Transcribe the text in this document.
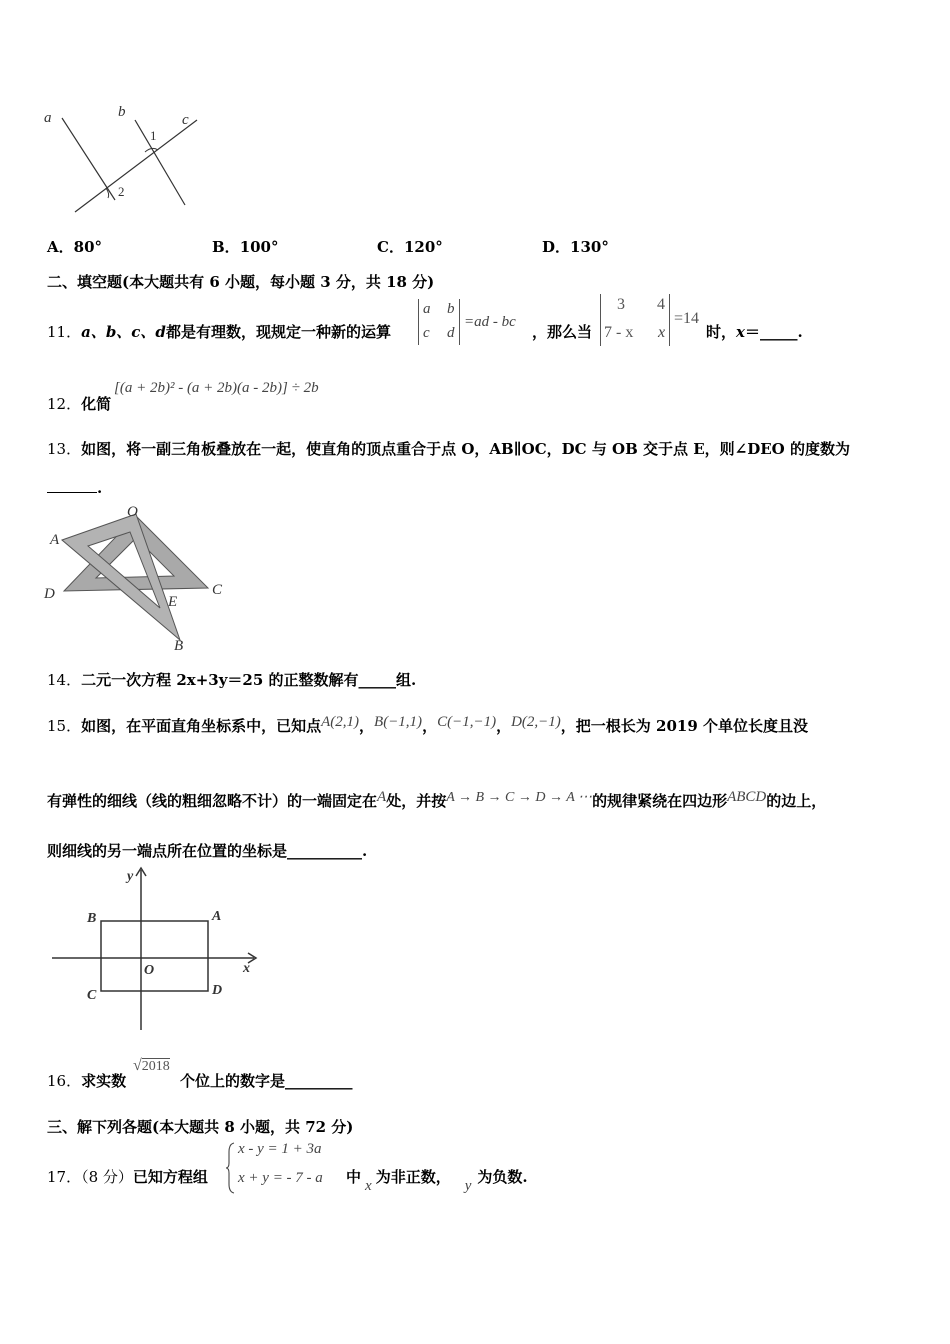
a	b	c
1
2
A．80°	B．100°	C．120°	D．130°
二、填空题(本大题共有 6 小题，每小题 3 分，共 18 分)
11．a、b、c、d都是有理数，现规定一种新的运算
a b
c d
=ad - bc
，那么当
3 4
7 - x x
=14
时，x＝_____.
12．化简
[(a + 2b)² - (a + 2b)(a - 2b)] ÷ 2b
13．如图，将一副三角板叠放在一起，使直角的顶点重合于点 O，AB∥OC，DC 与 OB 交于点 E，则∠DEO 的度数为
.
O
A
D	C
E
B
14．二元一次方程 2x+3y＝25 的正整数解有_____组.
15．如图，在平面直角坐标系中，已知点A(2,1)，B(−1,1)，C(−1,−1)，D(2,−1)，把一根长为 2019 个单位长度且没
有弹性的细线（线的粗细忽略不计）的一端固定在A处，并按A → B → C → D → A ⋯的规律紧绕在四边形ABCD的边上，
则细线的另一端点所在位置的坐标是__________.
y
x
O
A
B
C	D
16．求实数
√2018
个位上的数字是_________
三、解下列各题(本大题共 8 小题，共 72 分)
17．（8 分）已知方程组
x - y = 1 + 3a
x + y = - 7 - a 中 x 为非正数， y 为负数.
